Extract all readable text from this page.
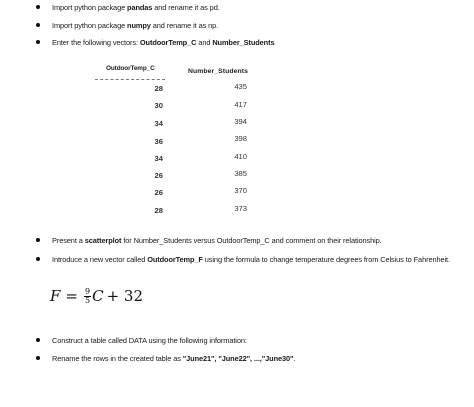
Import python package pandas and rename it as pd.
Import python package numpy and rename it as np.
Enter the following vectors: OutdoorTemp_C and Number_Students
OutdoorTemp_C	Number_Students
28	435
30	417
34	394
36	398
34	410
26	385
26	370
28	373
Present a scatterplot for Number_Students versus OutdoorTemp_C and comment on their relationship.
Introduce a new vector called OutdoorTemp_F using the formula to change temperature degrees from Celsius to Fahrenheit.
$F = \frac{9}{5}$ C + 32
Construct a table called DATA using the following information:
Rename the rows in the created table as "June21", "June22", ...,"June30".
